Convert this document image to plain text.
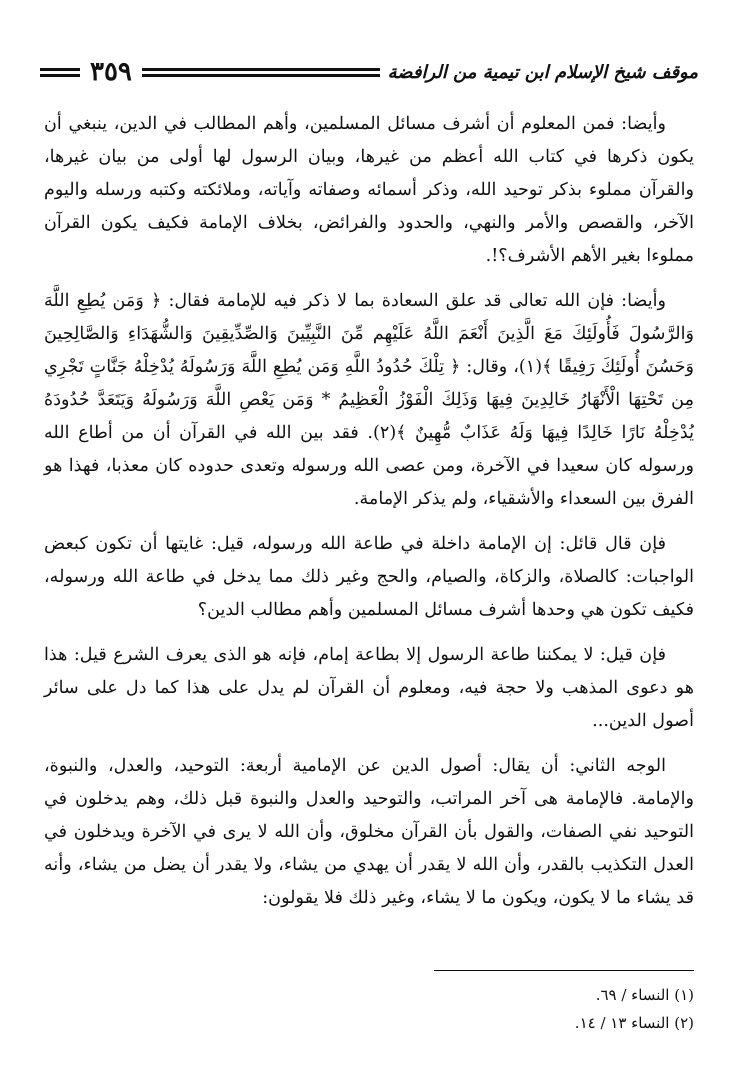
٣٥٩	موقف شيخ الإسلام ابن تيمية من الرافضة

وأيضا: فمن المعلوم أن أشرف مسائل المسلمين، وأهم المطالب في الدين، ينبغي أن يكون ذكرها في كتاب الله أعظم من غيرها، وبيان الرسول لها أولى من بيان غيرها، والقرآن مملوء بذكر توحيد الله، وذكر أسمائه وصفاته وآياته، وملائكته وكتبه ورسله واليوم الآخر، والقصص والأمر والنهي، والحدود والفرائض، بخلاف الإمامة فكيف يكون القرآن مملوءا بغير الأهم الأشرف؟!.

وأيضا: فإن الله تعالى قد علق السعادة بما لا ذكر فيه للإمامة فقال: ﴿ وَمَن يُطِعِ اللَّهَ وَالرَّسُولَ فَأُولَئِكَ مَعَ الَّذِينَ أَنْعَمَ اللَّهُ عَلَيْهِم مِّنَ النَّبِيِّينَ وَالصِّدِّيقِينَ وَالشُّهَدَاءِ وَالصَّالِحِينَ وَحَسُنَ أُولَئِكَ رَفِيقًا ﴾(١)، وقال: ﴿ تِلْكَ حُدُودُ اللَّهِ وَمَن يُطِعِ اللَّهَ وَرَسُولَهُ يُدْخِلْهُ جَنَّاتٍ تَجْرِي مِن تَحْتِهَا الْأَنْهَارُ خَالِدِينَ فِيهَا وَذَلِكَ الْفَوْزُ الْعَظِيمُ * وَمَن يَعْصِ اللَّهَ وَرَسُولَهُ وَيَتَعَدَّ حُدُودَهُ يُدْخِلْهُ نَارًا خَالِدًا فِيهَا وَلَهُ عَذَابٌ مُّهِينٌ ﴾(٢). فقد بين الله في القرآن أن من أطاع الله ورسوله كان سعيدا في الآخرة، ومن عصى الله ورسوله وتعدى حدوده كان معذبا، فهذا هو الفرق بين السعداء والأشقياء، ولم يذكر الإمامة.

فإن قال قائل: إن الإمامة داخلة في طاعة الله ورسوله، قيل: غايتها أن تكون كبعض الواجبات: كالصلاة، والزكاة، والصيام، والحج وغير ذلك مما يدخل في طاعة الله ورسوله، فكيف تكون هي وحدها أشرف مسائل المسلمين وأهم مطالب الدين؟

فإن قيل: لا يمكننا طاعة الرسول إلا بطاعة إمام، فإنه هو الذى يعرف الشرع قيل: هذا هو دعوى المذهب ولا حجة فيه، ومعلوم أن القرآن لم يدل على هذا كما دل على سائر أصول الدين...

الوجه الثاني: أن يقال: أصول الدين عن الإمامية أربعة: التوحيد، والعدل، والنبوة، والإمامة. فالإمامة هى آخر المراتب، والتوحيد والعدل والنبوة قبل ذلك، وهم يدخلون في التوحيد نفي الصفات، والقول بأن القرآن مخلوق، وأن الله لا يرى في الآخرة ويدخلون في العدل التكذيب بالقدر، وأن الله لا يقدر أن يهدي من يشاء، ولا يقدر أن يضل من يشاء، وأنه قد يشاء ما لا يكون، ويكون ما لا يشاء، وغير ذلك فلا يقولون:

(١) النساء / ٦٩.

(٢) النساء ١٣ / ١٤.
